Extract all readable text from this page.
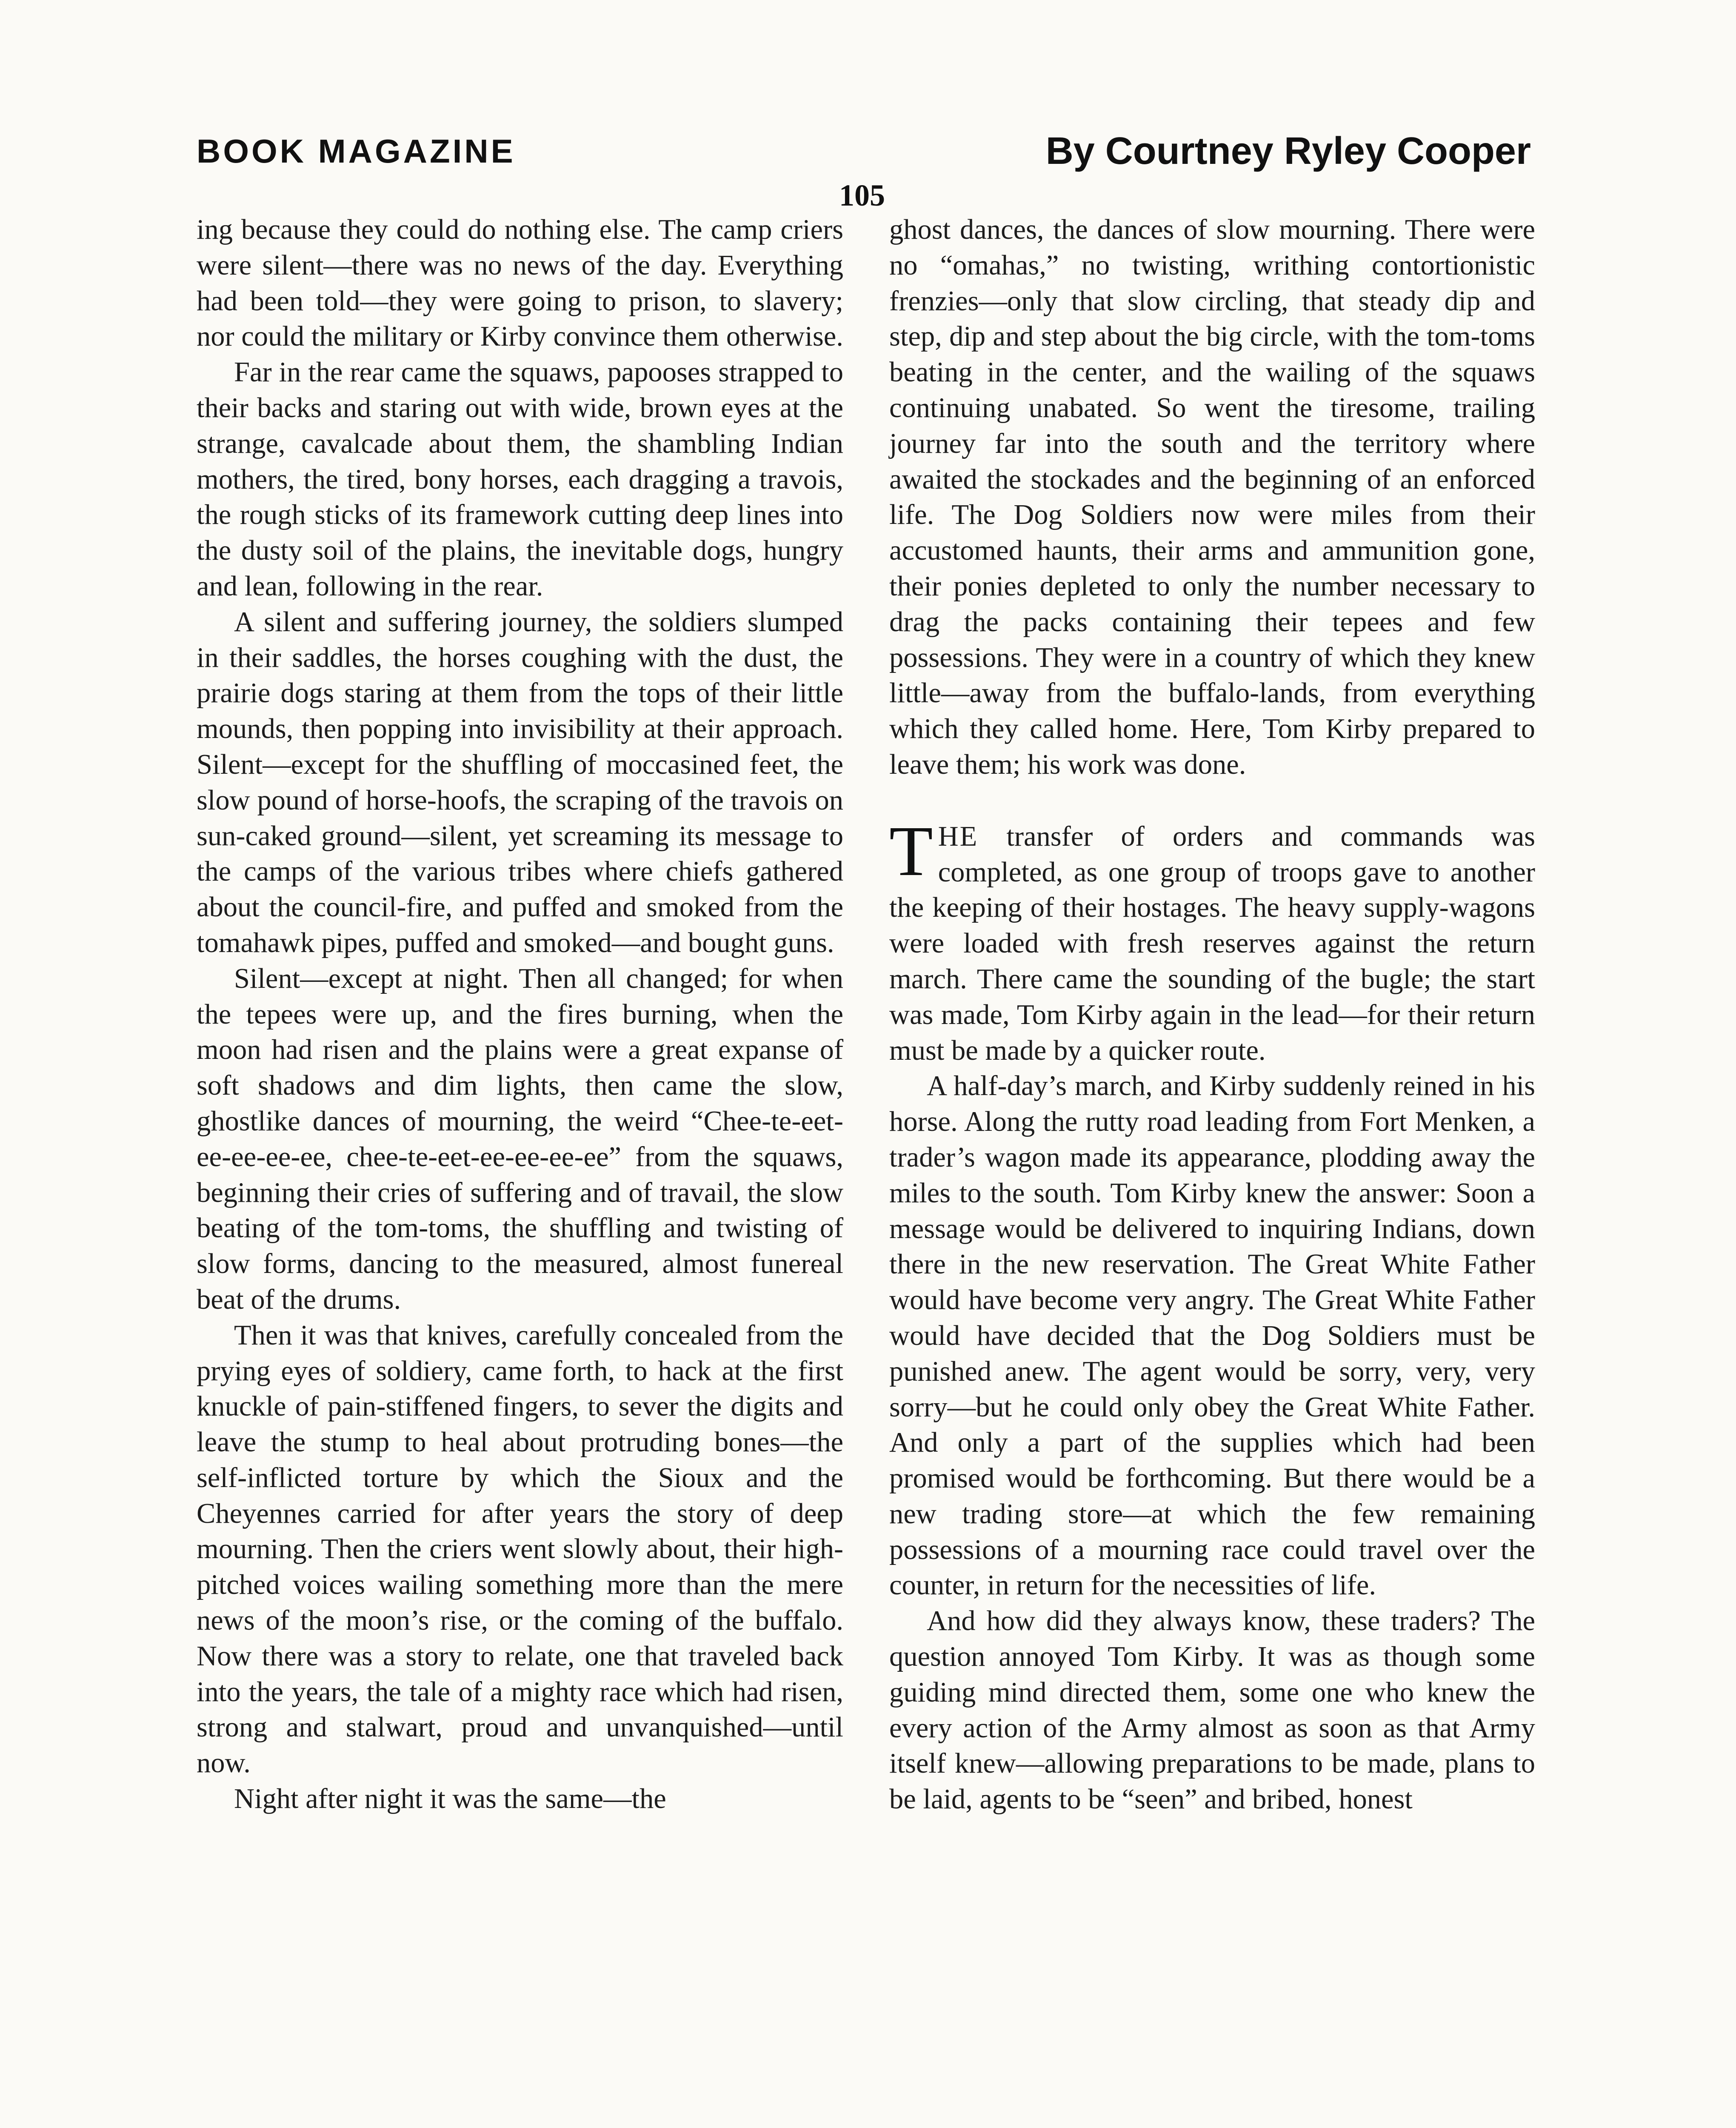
BOOK MAGAZINE	By Courtney Ryley Cooper
105

ing because they could do nothing else. The camp criers were silent—there was no news of the day. Everything had been told—they were going to prison, to slavery; nor could the military or Kirby convince them otherwise.

Far in the rear came the squaws, papooses strapped to their backs and staring out with wide, brown eyes at the strange, cavalcade about them, the shambling Indian mothers, the tired, bony horses, each dragging a travois, the rough sticks of its framework cutting deep lines into the dusty soil of the plains, the inevitable dogs, hungry and lean, following in the rear.

A silent and suffering journey, the soldiers slumped in their saddles, the horses coughing with the dust, the prairie dogs staring at them from the tops of their little mounds, then popping into invisibility at their approach. Silent—except for the shuffling of moccasined feet, the slow pound of horse-hoofs, the scraping of the travois on sun-caked ground—silent, yet screaming its message to the camps of the various tribes where chiefs gathered about the council-fire, and puffed and smoked from the tomahawk pipes, puffed and smoked—and bought guns.

Silent—except at night. Then all changed; for when the tepees were up, and the fires burning, when the moon had risen and the plains were a great expanse of soft shadows and dim lights, then came the slow, ghostlike dances of mourning, the weird “Chee-te-eet-ee-ee-ee-ee, chee-te-eet-ee-ee-ee-ee” from the squaws, beginning their cries of suffering and of travail, the slow beating of the tom-toms, the shuffling and twisting of slow forms, dancing to the measured, almost funereal beat of the drums.

Then it was that knives, carefully concealed from the prying eyes of soldiery, came forth, to hack at the first knuckle of pain-stiffened fingers, to sever the digits and leave the stump to heal about protruding bones—the self-inflicted torture by which the Sioux and the Cheyennes carried for after years the story of deep mourning. Then the criers went slowly about, their high-pitched voices wailing something more than the mere news of the moon’s rise, or the coming of the buffalo. Now there was a story to relate, one that traveled back into the years, the tale of a mighty race which had risen, strong and stalwart, proud and unvanquished—until now.

Night after night it was the same—the

ghost dances, the dances of slow mourning. There were no “omahas,” no twisting, writhing contortionistic frenzies—only that slow circling, that steady dip and step, dip and step about the big circle, with the tom-toms beating in the center, and the wailing of the squaws continuing unabated. So went the tiresome, trailing journey far into the south and the territory where awaited the stockades and the beginning of an enforced life. The Dog Soldiers now were miles from their accustomed haunts, their arms and ammunition gone, their ponies depleted to only the number necessary to drag the packs containing their tepees and few possessions. They were in a country of which they knew little—away from the buffalo-lands, from everything which they called home. Here, Tom Kirby prepared to leave them; his work was done.

THE transfer of orders and commands was completed, as one group of troops gave to another the keeping of their hostages. The heavy supply-wagons were loaded with fresh reserves against the return march. There came the sounding of the bugle; the start was made, Tom Kirby again in the lead—for their return must be made by a quicker route.

A half-day’s march, and Kirby suddenly reined in his horse. Along the rutty road leading from Fort Menken, a trader’s wagon made its appearance, plodding away the miles to the south. Tom Kirby knew the answer: Soon a message would be delivered to inquiring Indians, down there in the new reservation. The Great White Father would have become very angry. The Great White Father would have decided that the Dog Soldiers must be punished anew. The agent would be sorry, very, very sorry—but he could only obey the Great White Father. And only a part of the supplies which had been promised would be forthcoming. But there would be a new trading store—at which the few remaining possessions of a mourning race could travel over the counter, in return for the necessities of life.

And how did they always know, these traders? The question annoyed Tom Kirby. It was as though some guiding mind directed them, some one who knew the every action of the Army almost as soon as that Army itself knew—allowing preparations to be made, plans to be laid, agents to be “seen” and bribed, honest
